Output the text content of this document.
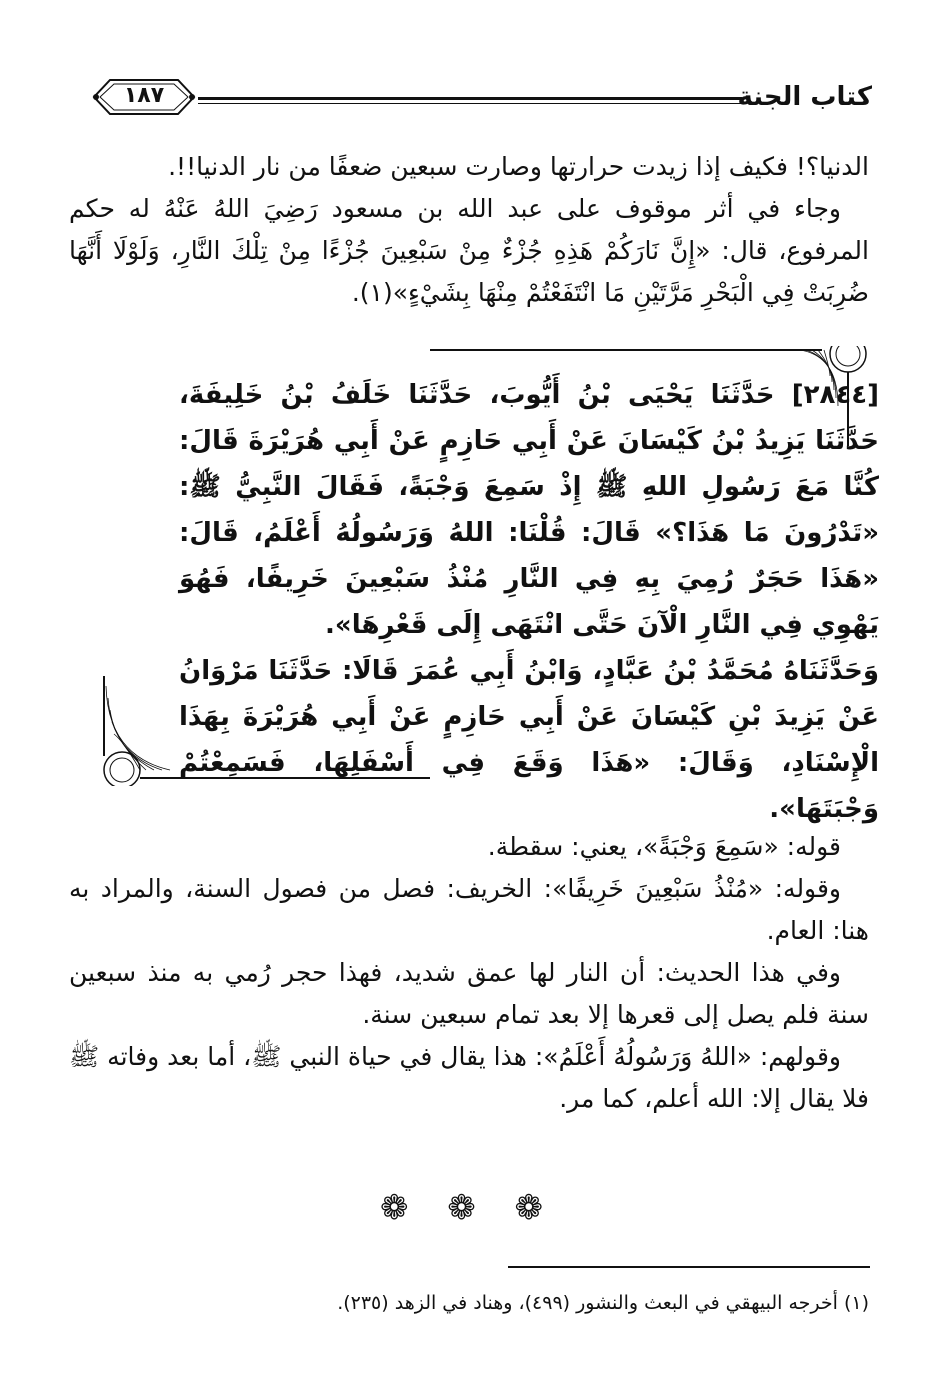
كتاب الجنة
١٨٧

الدنيا؟! فكيف إذا زيدت حرارتها وصارت سبعين ضعفًا من نار الدنيا!!.

وجاء في أثر موقوف على عبد الله بن مسعود رَضِيَ اللهُ عَنْهُ له حكم المرفوع، قال: «إِنَّ نَارَكُمْ هَذِهِ جُزْءٌ مِنْ سَبْعِينَ جُزْءًا مِنْ تِلْكَ النَّارِ، وَلَوْلَا أَنَّهَا ضُرِبَتْ فِي الْبَحْرِ مَرَّتَيْنِ مَا انْتَفَعْتُمْ مِنْهَا بِشَيْءٍ»(١).

[٢٨٤٤] حَدَّثَنَا يَحْيَى بْنُ أَيُّوبَ، حَدَّثَنَا خَلَفُ بْنُ خَلِيفَةَ، حَدَّثَنَا يَزِيدُ بْنُ كَيْسَانَ عَنْ أَبِي حَازِمٍ عَنْ أَبِي هُرَيْرَةَ قَالَ: كُنَّا مَعَ رَسُولِ اللهِ ﷺ إِذْ سَمِعَ وَجْبَةً، فَقَالَ النَّبِيُّ ﷺ: «تَدْرُونَ مَا هَذَا؟» قَالَ: قُلْنَا: اللهُ وَرَسُولُهُ أَعْلَمُ، قَالَ: «هَذَا حَجَرٌ رُمِيَ بِهِ فِي النَّارِ مُنْذُ سَبْعِينَ خَرِيفًا، فَهُوَ يَهْوِي فِي النَّارِ الْآنَ حَتَّى انْتَهَى إِلَى قَعْرِهَا».

وَحَدَّثَنَاهُ مُحَمَّدُ بْنُ عَبَّادٍ، وَابْنُ أَبِي عُمَرَ قَالَا: حَدَّثَنَا مَرْوَانُ عَنْ يَزِيدَ بْنِ كَيْسَانَ عَنْ أَبِي حَازِمٍ عَنْ أَبِي هُرَيْرَةَ بِهَذَا الْإِسْنَادِ، وَقَالَ: «هَذَا وَقَعَ فِي أَسْفَلِهَا، فَسَمِعْتُمْ وَجْبَتَهَا».

قوله: «سَمِعَ وَجْبَةً»، يعني: سقطة.

وقوله: «مُنْذُ سَبْعِينَ خَرِيفًا»: الخريف: فصل من فصول السنة، والمراد به هنا: العام.

وفي هذا الحديث: أن النار لها عمق شديد، فهذا حجر رُمي به منذ سبعين سنة فلم يصل إلى قعرها إلا بعد تمام سبعين سنة.

وقولهم: «اللهُ وَرَسُولُهُ أَعْلَمُ»: هذا يقال في حياة النبي ﷺ، أما بعد وفاته ﷺ فلا يقال إلا: الله أعلم، كما مر.

❁ ❁ ❁

(١) أخرجه البيهقي في البعث والنشور (٤٩٩)، وهناد في الزهد (٢٣٥).
